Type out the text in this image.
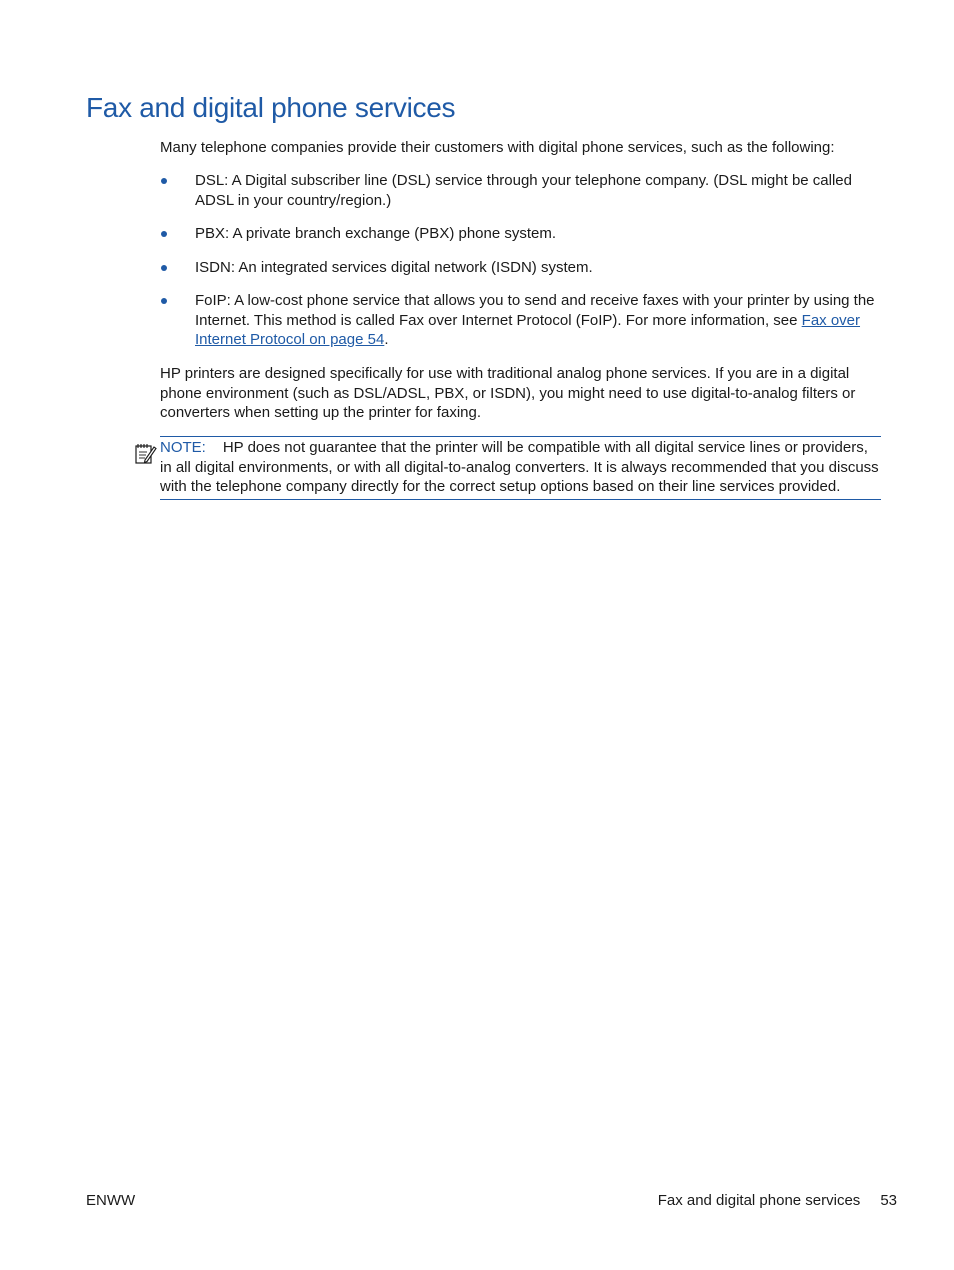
Fax and digital phone services

Many telephone companies provide their customers with digital phone services, such as the following:

DSL: A Digital subscriber line (DSL) service through your telephone company. (DSL might be called ADSL in your country/region.)
PBX: A private branch exchange (PBX) phone system.
ISDN: An integrated services digital network (ISDN) system.
FoIP: A low-cost phone service that allows you to send and receive faxes with your printer by using the Internet. This method is called Fax over Internet Protocol (FoIP). For more information, see Fax over Internet Protocol on page 54.

HP printers are designed specifically for use with traditional analog phone services. If you are in a digital phone environment (such as DSL/ADSL, PBX, or ISDN), you might need to use digital-to-analog filters or converters when setting up the printer for faxing.

NOTE: HP does not guarantee that the printer will be compatible with all digital service lines or providers, in all digital environments, or with all digital-to-analog converters. It is always recommended that you discuss with the telephone company directly for the correct setup options based on their line services provided.
ENWW	Fax and digital phone services 53
